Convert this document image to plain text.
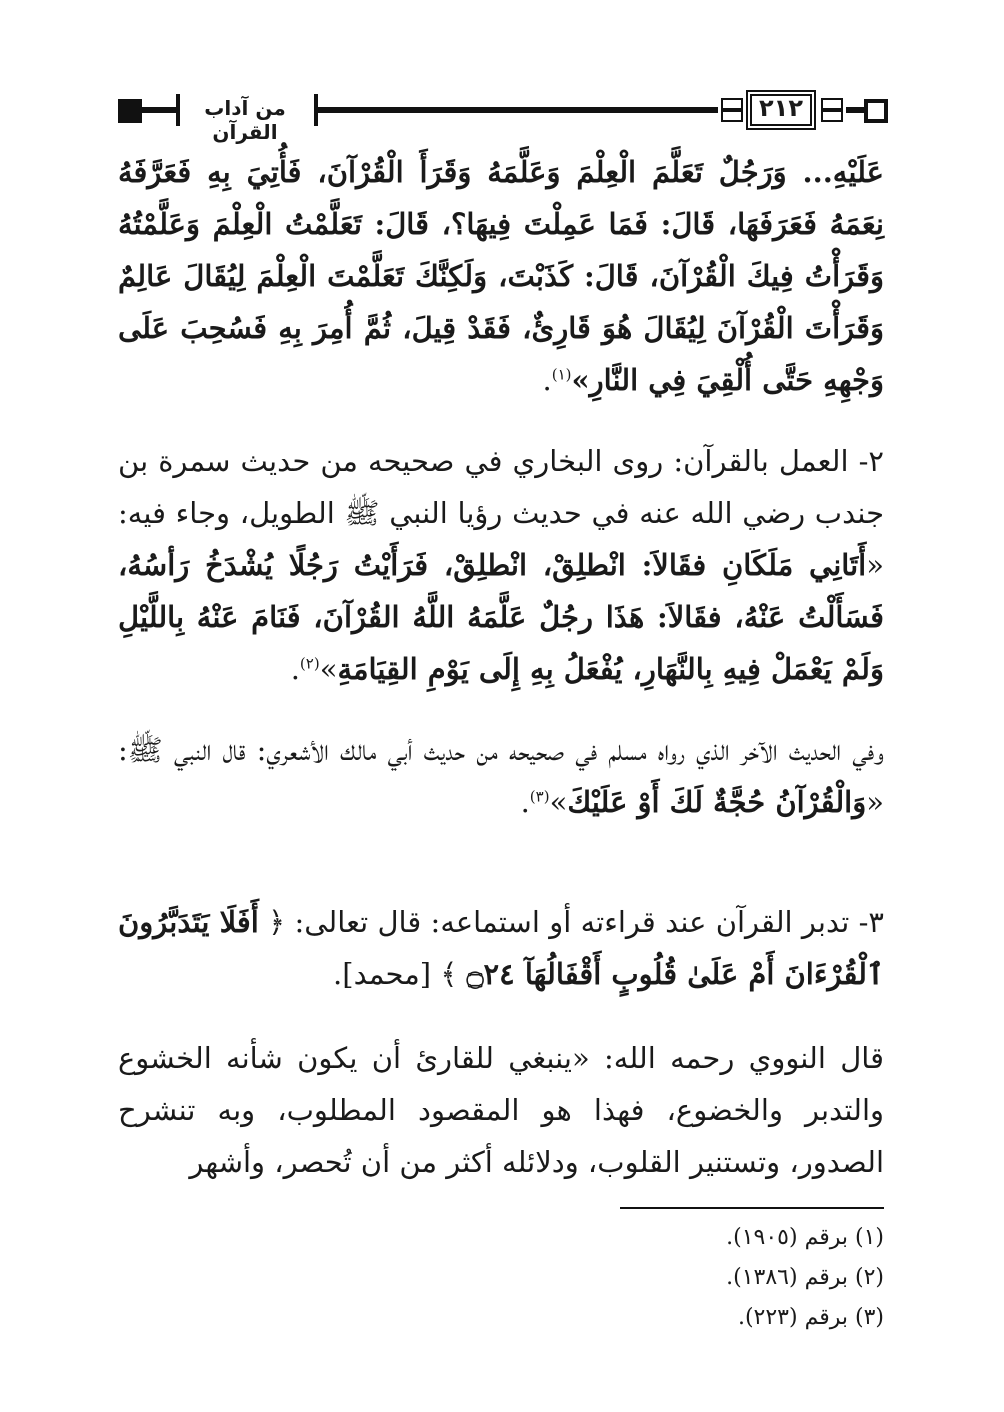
من آداب القرآن
٢١٢
عَلَيْهِ... وَرَجُلٌ تَعَلَّمَ الْعِلْمَ وَعَلَّمَهُ وَقَرَأَ الْقُرْآنَ، فَأُتِيَ بِهِ فَعَرَّفَهُ نِعَمَهُ فَعَرَفَهَا، قَالَ: فَمَا عَمِلْتَ فِيهَا؟، قَالَ: تَعَلَّمْتُ الْعِلْمَ وَعَلَّمْتُهُ وَقَرَأْتُ فِيكَ الْقُرْآنَ، قَالَ: كَذَبْتَ، وَلَكِنَّكَ تَعَلَّمْتَ الْعِلْمَ لِيُقَالَ عَالِمٌ وَقَرَأْتَ الْقُرْآنَ لِيُقَالَ هُوَ قَارِئٌ، فَقَدْ قِيلَ، ثُمَّ أُمِرَ بِهِ فَسُحِبَ عَلَى وَجْهِهِ حَتَّى أُلْقِيَ فِي النَّارِ»$^{(١)}$.
٢- العمل بالقرآن: روى البخاري في صحيحه من حديث سمرة بن جندب رضي الله عنه في حديث رؤيا النبي ﷺ الطويل، وجاء فيه: «أَتَانِي مَلَكَانِ فقَالاَ: انْطلِقْ، انْطلِقْ، فَرَأَيْتُ رَجُلًا يُشْدَخُ رَأسُهُ، فَسَأَلْتُ عَنْهُ، فقَالاَ: هَذَا رجُلٌ عَلَّمَهُ اللَّهُ القُرْآنَ، فَنَامَ عَنْهُ بِاللَّيْلِ وَلَمْ يَعْمَلْ فِيهِ بِالنَّهَارِ، يُفْعَلُ بِهِ إِلَى يَوْمِ القِيَامَةِ»$^{(٢)}$.
وفي الحديث الآخر الذي رواه مسلم في صحيحه من حديث أبي مالك الأشعري: قال النبي ﷺ: «وَالْقُرْآنُ حُجَّةٌ لَكَ أَوْ عَلَيْكَ»$^{(٣)}$.
٣- تدبر القرآن عند قراءته أو استماعه: قال تعالى: ﴿ أَفَلَا يَتَدَبَّرُونَ ٱلْقُرْءَانَ أَمْ عَلَىٰ قُلُوبٍ أَقْفَالُهَآ ۝٢٤ ﴾ [محمد].
قال النووي رحمه الله: «ينبغي للقارئ أن يكون شأنه الخشوع والتدبر والخضوع، فهذا هو المقصود المطلوب، وبه تنشرح الصدور، وتستنير القلوب، ودلائله أكثر من أن تُحصر، وأشهر
(١) برقم (١٩٠٥).
(٢) برقم (١٣٨٦).
(٣) برقم (٢٢٣).
